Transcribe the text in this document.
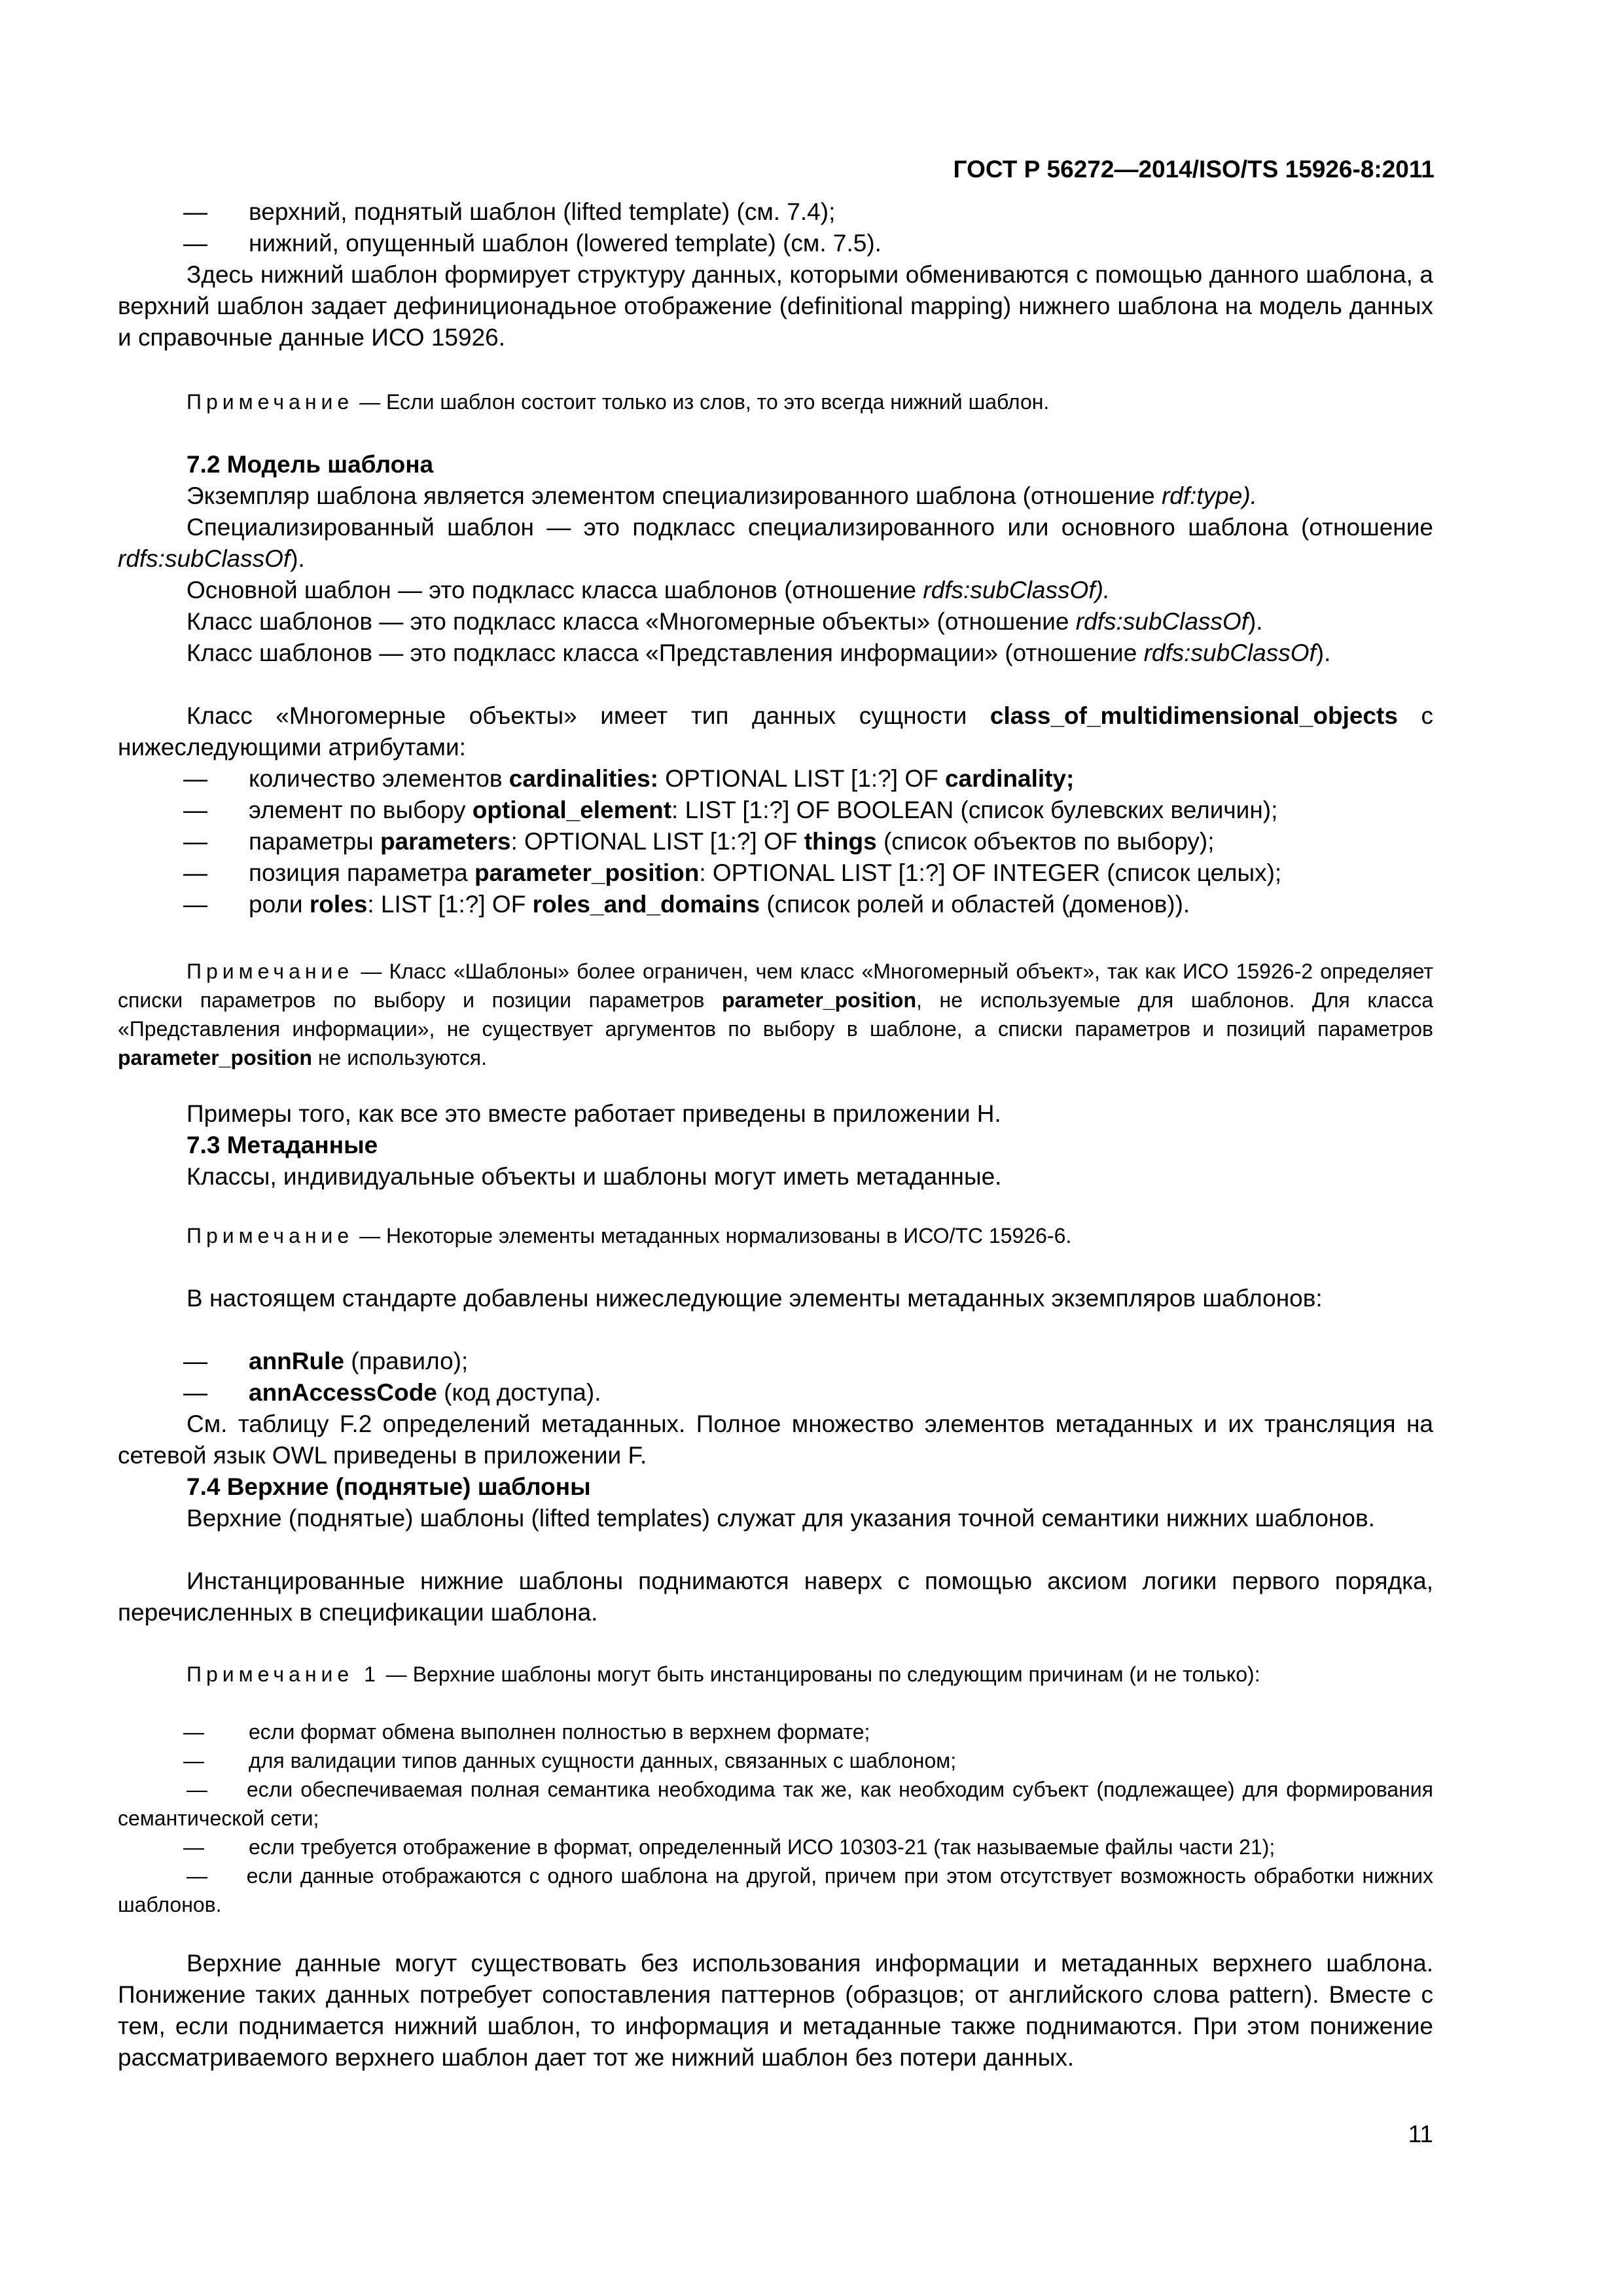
ГОСТ Р 56272—2014/ISO/TS 15926-8:2011
— верхний, поднятый шаблон (lifted template) (см. 7.4);
— нижний, опущенный шаблон (lowered template) (см. 7.5).

Здесь нижний шаблон формирует структуру данных, которыми обмениваются с помощью данного шаблона, а верхний шаблон задает дефиниционадьное отображение (definitional mapping) нижнего шаблона на модель данных и справочные данные ИСО 15926.

Примечание — Если шаблон состоит только из слов, то это всегда нижний шаблон.

7.2 Модель шаблона

Экземпляр шаблона является элементом специализированного шаблона (отношение rdf:type).

Специализированный шаблон — это подкласс специализированного или основного шаблона (отношение rdfs:subClassOf).

Основной шаблон — это подкласс класса шаблонов (отношение rdfs:subClassOf).

Класс шаблонов — это подкласс класса «Многомерные объекты» (отношение rdfs:subClassOf).

Класс шаблонов — это подкласс класса «Представления информации» (отношение rdfs:subClassOf).

Класс «Многомерные объекты» имеет тип данных сущности class_of_multidimensional_objects с нижеследующими атрибутами:

— количество элементов cardinalities: OPTIONAL LIST [1:?] OF cardinality;
— элемент по выбору optional_element: LIST [1:?] OF BOOLEAN (список булевских величин);
— параметры parameters: OPTIONAL LIST [1:?] OF things (список объектов по выбору);
— позиция параметра parameter_position: OPTIONAL LIST [1:?] OF INTEGER (список целых);
— роли roles: LIST [1:?] OF roles_and_domains (список ролей и областей (доменов)).

Примечание — Класс «Шаблоны» более ограничен, чем класс «Многомерный объект», так как ИСО 15926-2 определяет списки параметров по выбору и позиции параметров parameter_position, не используемые для шаблонов. Для класса «Представления информации», не существует аргументов по выбору в шаблоне, а списки параметров и позиций параметров parameter_position не используются.

Примеры того, как все это вместе работает приведены в приложении Н.

7.3 Метаданные

Классы, индивидуальные объекты и шаблоны могут иметь метаданные.

Примечание — Некоторые элементы метаданных нормализованы в ИСО/ТС 15926-6.

В настоящем стандарте добавлены нижеследующие элементы метаданных экземпляров шаблонов:

— annRule (правило);
— annAccessCode (код доступа).

См. таблицу F.2 определений метаданных. Полное множество элементов метаданных и их трансляция на сетевой язык OWL приведены в приложении F.

7.4 Верхние (поднятые) шаблоны

Верхние (поднятые) шаблоны (lifted templates) служат для указания точной семантики нижних шаблонов.

Инстанцированные нижние шаблоны поднимаются наверх с помощью аксиом логики первого порядка, перечисленных в спецификации шаблона.

Примечание 1 — Верхние шаблоны могут быть инстанцированы по следующим причинам (и не только):

— если формат обмена выполнен полностью в верхнем формате;
— для валидации типов данных сущности данных, связанных с шаблоном;

— если обеспечиваемая полная семантика необходима так же, как необходим субъект (подлежащее) для формирования семантической сети;

— если требуется отображение в формат, определенный ИСО 10303-21 (так называемые файлы части 21);

— если данные отображаются с одного шаблона на другой, причем при этом отсутствует возможность обработки нижних шаблонов.

Верхние данные могут существовать без использования информации и метаданных верхнего шаблона. Понижение таких данных потребует сопоставления паттернов (образцов; от английского слова pattern). Вместе с тем, если поднимается нижний шаблон, то информация и метаданные также поднимаются. При этом понижение рассматриваемого верхнего шаблон дает тот же нижний шаблон без потери данных.

11
